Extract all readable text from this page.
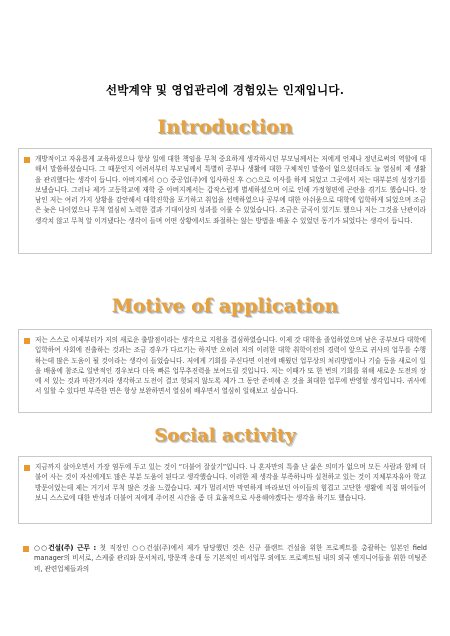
선박계약 및 영업관리에 경험있는 인재입니다.
Introduction

개방적이고 자유롭게 교육하셨으나 항상 일에 대한 책임을 무척 중요하게 생각하시던 부모님께서는 저에게 언제나 정년로써의 역할에 대해서 말씀하셨습니다. 그 때문인지 어려서부터 부모님께서 특별히 공부나 생활에 대한 구체적인 말씀이 없으셨더라도 늘 열심히 제 생활을 관리했다는 생각이 듭니다. 아버지께서 ○○ 중공업(주)에 입사하신 후 ○○으로 이사를 하게 되었고 그곳에서 저는 대부분의 성장기를 보냈습니다. 그러나 제가 고등학교에 재학 중 아버지께서는 갑작스럽게 별세하셨으며 이로 인해 가정형편에 곤란을 겪기도 했습니다. 장남인 저는 여러 가지 상황을 감안해서 대학진학을 포기하고 취업을 선택하였으나 공부에 대한 아쉬움으로 대학에 입학하게 되었으며 조금은 늦은 나이였으나 무척 열심히 노력한 결과 기대이상의 성과를 이룰 수 있었습니다. 조금은 굴곡이 있기도 했으나 저는 그것을 난관이라 생각치 않고 무척 알 이겨냈다는 생각이 들며 어떤 상황에서도 좌절하는 않는 방법을 배울 수 있었던 동기가 되었다는 생각이 듭니다.

Motive of application

저는 스스로 이제부터가 저의 새로운 출발점이라는 생각으로 지원을 결심하였습니다. 이제 갓 대학을 졸업하였으며 남은 공부보다 대학에 입학하여 사회에 진출하는 것과는 조금 경우가 다르기는 하지만 오히려 저의 이러한 대학 취학이전의 경력이 앞으로 귀사의 업무를 수행하는데 많은 도움이 될 것이라는 생각이 들었습니다. 저에게 기회를 주신다면 이전에 배웠던 업무상의 처리방법이나 기술 등을 새로이 일을 배움에 참조로 일반적인 경우보다 더욱 빠른 업무추진력을 보여드릴 것입니다. 저는 이때가 또 한 번의 기회를 위해 새로운 도전의 장에 서 있는 것과 마찬가지라 생각하고 도전이 결코 헛되지 않도록 제가 그 동안 준비해 온 것을 최대한 업무에 반영할 생각입니다. 귀사에서 일할 수 있다면 부족한 면은 항상 보완하면서 열심히 배우면서 열심히 일해보고 싶습니다.

Social activity

지금까지 살아오면서 가장 염두에 두고 있는 것이 “더불어 잘살기”입니다. 나 혼자만의 특출 난 삶은 의미가 없으며 모든 사람과 함께 더불어 사는 것이 자신에게도 많은 부분 도움이 된다고 생각했습니다. 이러한 제 생각을 부족하나마 실천하고 있는 것이 지체부자유아 학교 방문이었는데 제는 거기서 무척 많은 것을 느꼈습니다. 제가 멀리서만 막연하게 바라보던 아이들의 힘겹고 고단한 생활에 직접 뛰어들어 보니 스스로에 대한 반성과 더불어 저에게 주어진 시간을 좀 더 효율적으로 사용해야겠다는 생각을 하기도 했습니다.

○○건설(주) 근무 : 첫 직장인 ○○건설(주)에서 제가 담당했던 것은 신규 플랜트 건설을 위한 프로젝트를 총괄하는 일본인 field manager의 비서로, 스케줄 관리와 문서처리, 방문객 응대 등 기본적인 비서업무 외에도 프로젝트팀 내의 외국 엔지니어들을 위한 미팅준비, 관련업체들과의
